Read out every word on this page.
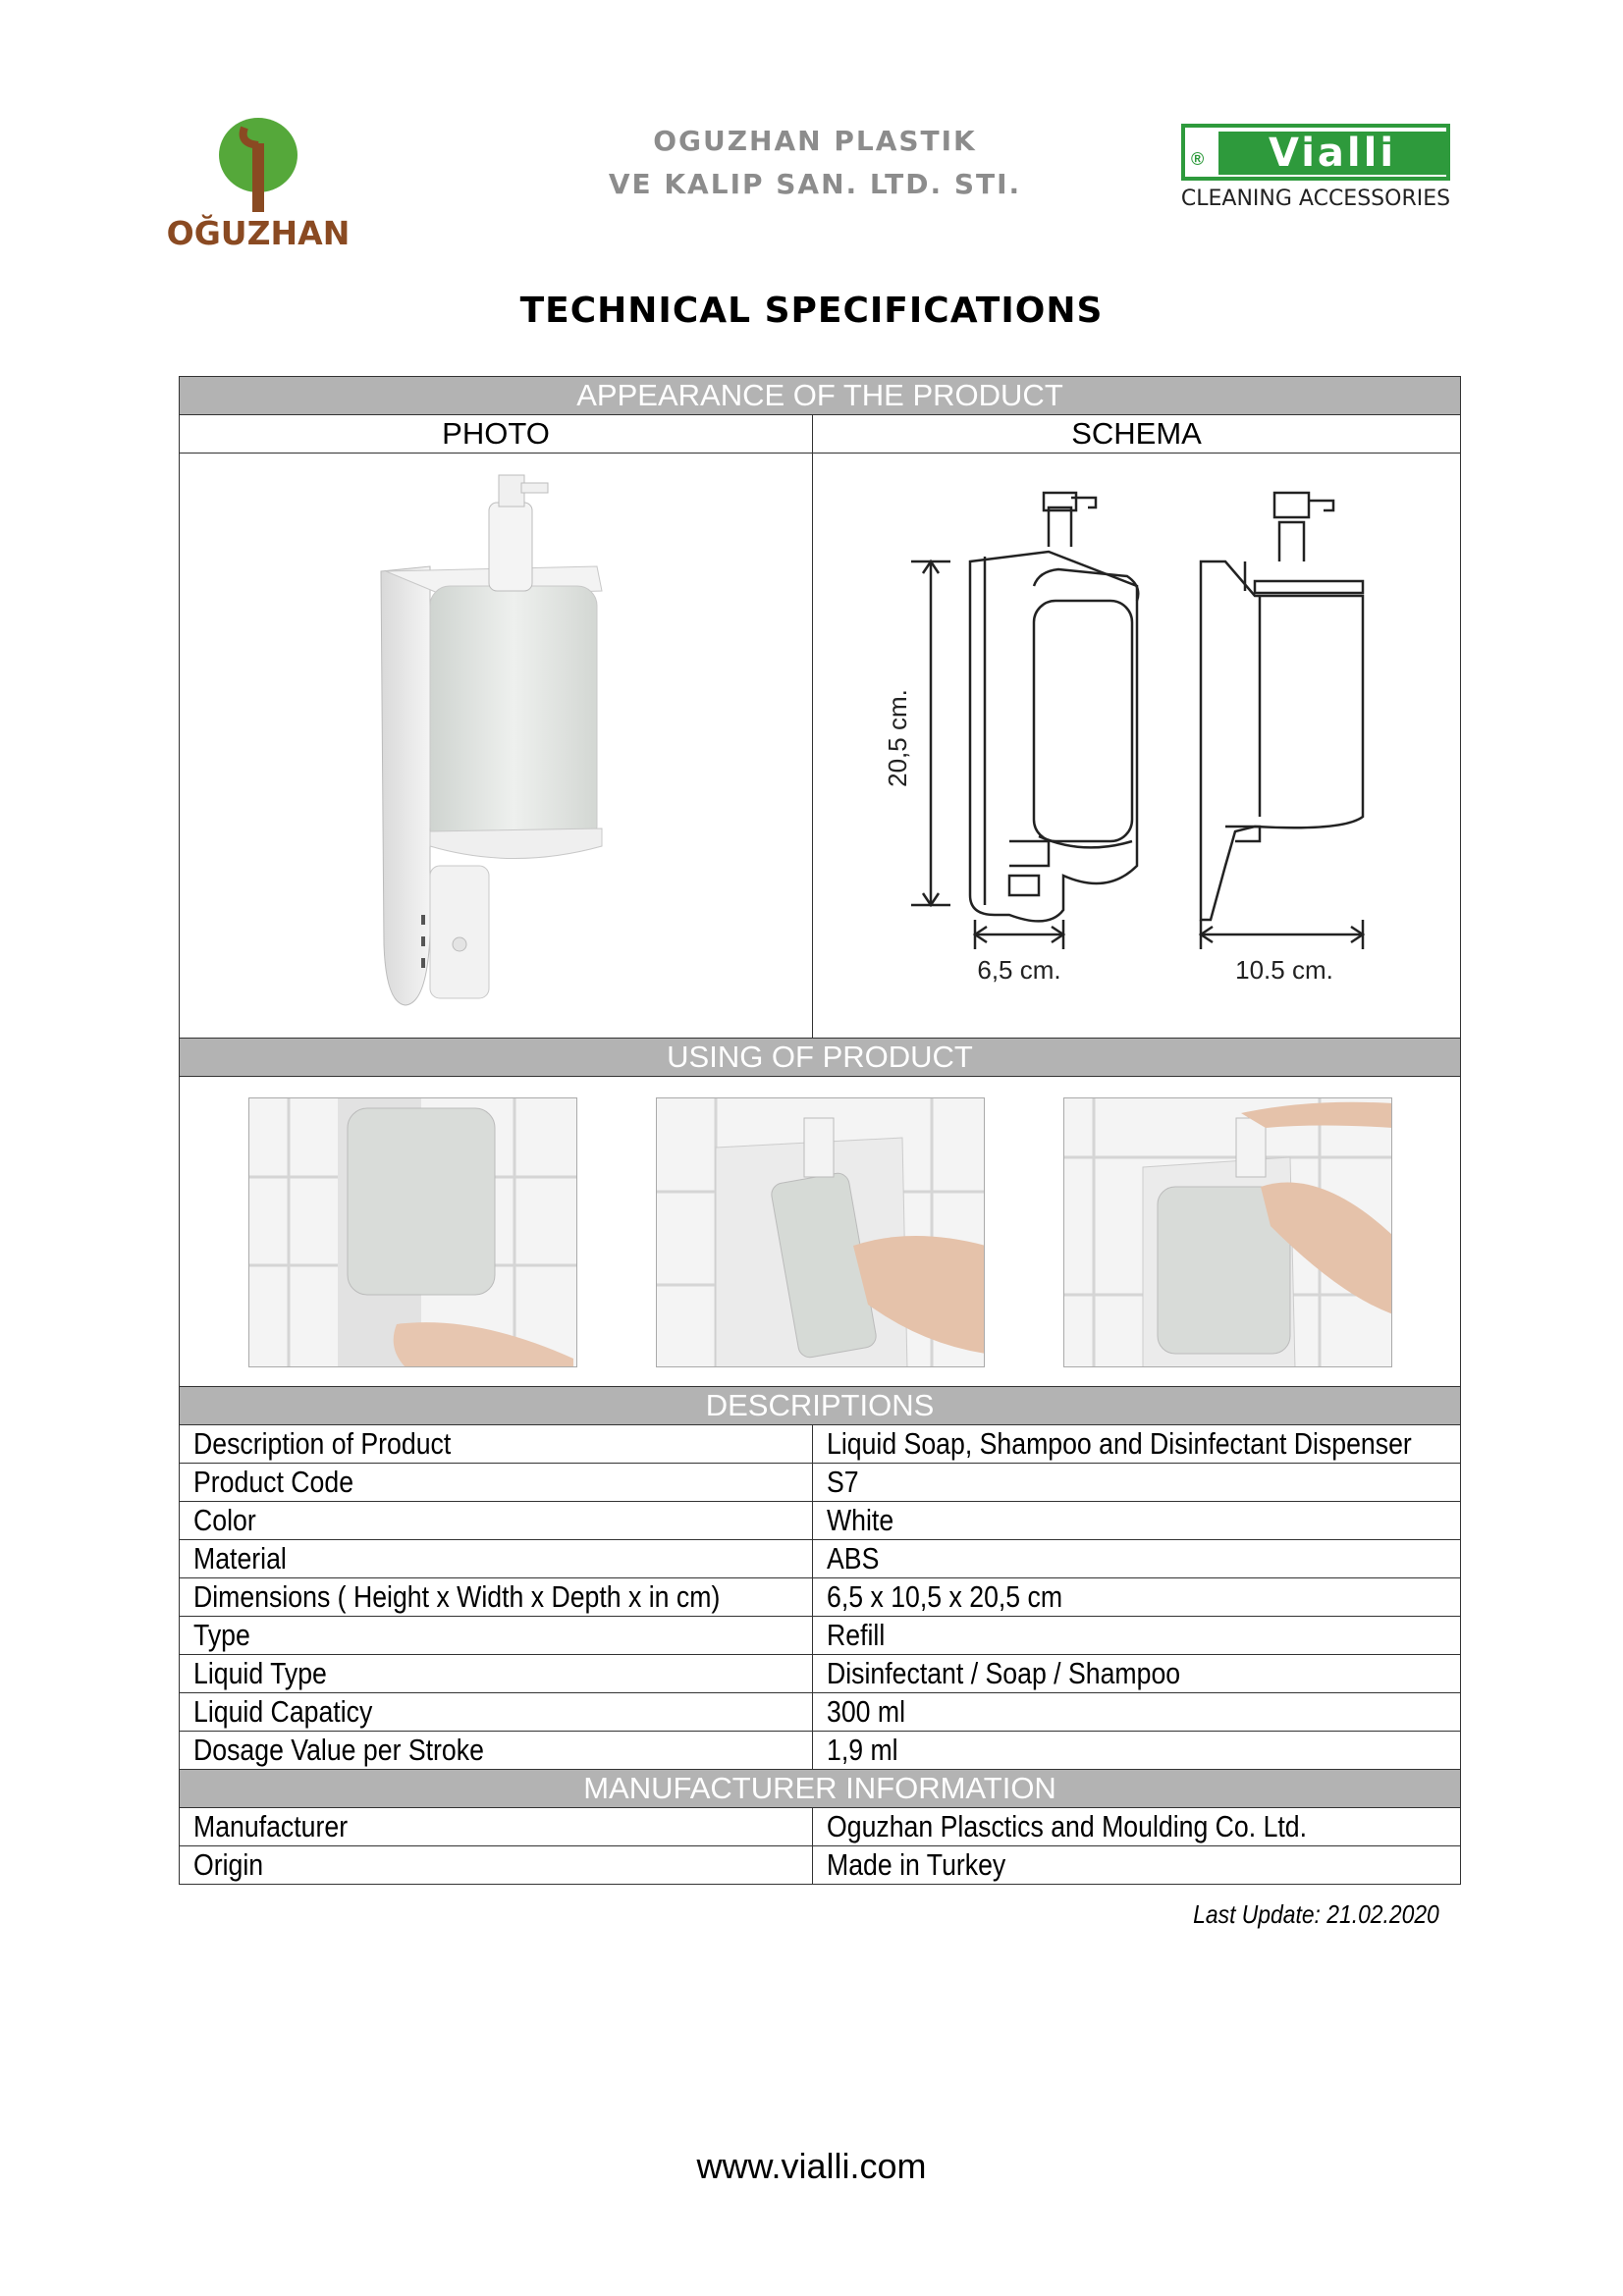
OĞUZHAN
OGUZHAN PLASTIK
VE KALIP SAN. LTD. STI.
®	Vialli
CLEANING ACCESSORIES
TECHNICAL SPECIFICATIONS
APPEARANCE OF THE PRODUCT	
PHOTO	SCHEMA

20,5 cm.
6,5 cm. 10.5 cm.

USING OF PRODUCT	

DESCRIPTIONS	
Description of Product	Liquid Soap, Shampoo and Disinfectant Dispenser
Product Code	S7
Color	White
Material	ABS
Dimensions ( Height x Width x Depth x in cm)	6,5 x 10,5 x 20,5 cm
Type	Refill
Liquid Type	Disinfectant / Soap / Shampoo
Liquid Capaticy	300 ml
Dosage Value per Stroke	1,9 ml
MANUFACTURER INFORMATION	
Manufacturer	Oguzhan Plasctics and Moulding Co. Ltd.
Origin	Made in Turkey
Last Update: 21.02.2020
www.vialli.com
